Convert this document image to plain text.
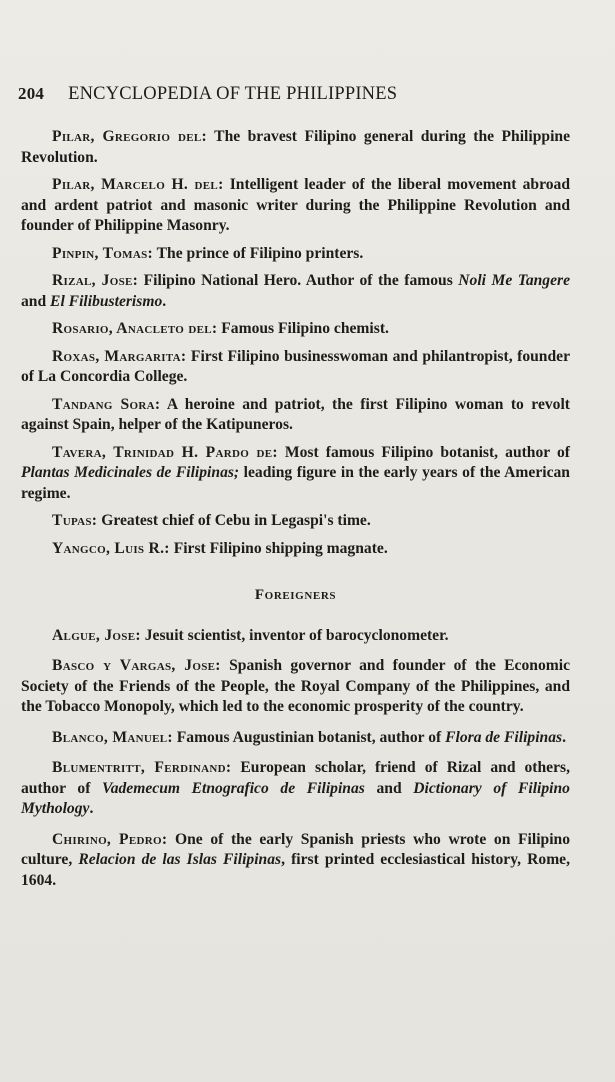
204 ENCYCLOPEDIA OF THE PHILIPPINES

Pilar, Gregorio del: The bravest Filipino general during the Philippine Revolution.

Pilar, Marcelo H. del: Intelligent leader of the liberal movement abroad and ardent patriot and masonic writer during the Philippine Revolution and founder of Philippine Masonry.

Pinpin, Tomas: The prince of Filipino printers.

Rizal, Jose: Filipino National Hero. Author of the famous Noli Me Tangere and El Filibusterismo.

Rosario, Anacleto del: Famous Filipino chemist.

Roxas, Margarita: First Filipino businesswoman and philantropist, founder of La Concordia College.

Tandang Sora: A heroine and patriot, the first Filipino woman to revolt against Spain, helper of the Katipuneros.

Tavera, Trinidad H. Pardo de: Most famous Filipino botanist, author of Plantas Medicinales de Filipinas; leading figure in the early years of the American regime.

Tupas: Greatest chief of Cebu in Legaspi's time.

Yangco, Luis R.: First Filipino shipping magnate.

Foreigners

Algue, Jose: Jesuit scientist, inventor of barocyclonometer.

Basco y Vargas, Jose: Spanish governor and founder of the Economic Society of the Friends of the People, the Royal Company of the Philippines, and the Tobacco Monopoly, which led to the economic prosperity of the country.

Blanco, Manuel: Famous Augustinian botanist, author of Flora de Filipinas.

Blumentritt, Ferdinand: European scholar, friend of Rizal and others, author of Vademecum Etnografico de Filipinas and Dictionary of Filipino Mythology.

Chirino, Pedro: One of the early Spanish priests who wrote on Filipino culture, Relacion de las Islas Filipinas, first printed ecclesiastical history, Rome, 1604.
